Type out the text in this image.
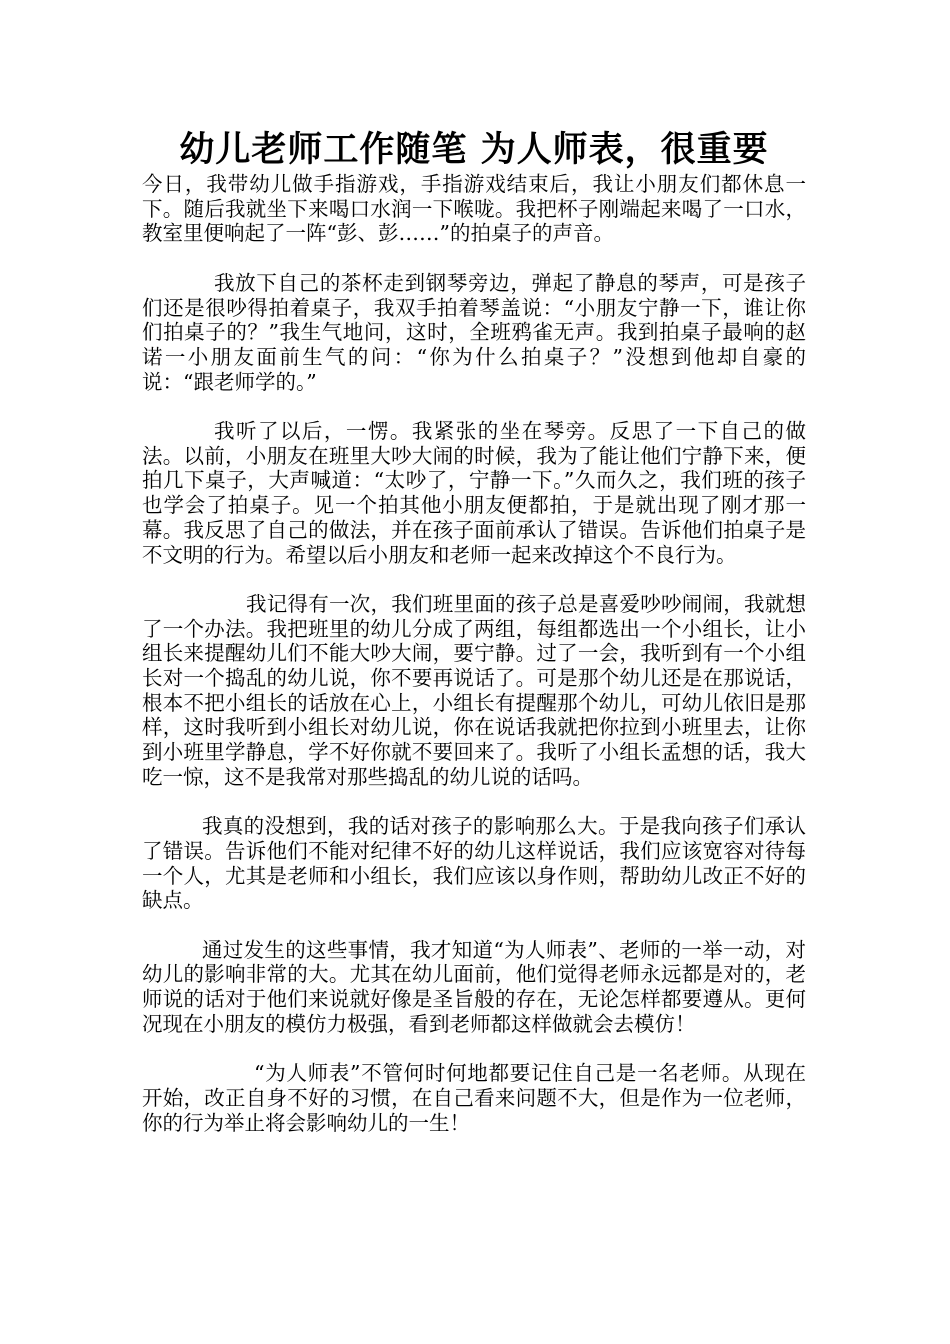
幼儿老师工作随笔 为人师表，很重要

今日，我带幼儿做手指游戏，手指游戏结束后，我让小朋友们都休息一下。随后我就坐下来喝口水润一下喉咙。我把杯子刚端起来喝了一口水，教室里便响起了一阵“彭、彭……”的拍桌子的声音。

我放下自己的茶杯走到钢琴旁边，弹起了静息的琴声，可是孩子们还是很吵得拍着桌子，我双手拍着琴盖说：“小朋友宁静一下，谁让你们拍桌子的？”我生气地问，这时，全班鸦雀无声。我到拍桌子最响的赵诺一小朋友面前生气的问：“你为什么拍桌子？”没想到他却自豪的说：“跟老师学的。”

我听了以后，一愣。我紧张的坐在琴旁。反思了一下自己的做法。以前，小朋友在班里大吵大闹的时候，我为了能让他们宁静下来，便拍几下桌子，大声喊道：“太吵了，宁静一下。”久而久之，我们班的孩子也学会了拍桌子。见一个拍其他小朋友便都拍，于是就出现了刚才那一幕。我反思了自己的做法，并在孩子面前承认了错误。告诉他们拍桌子是不文明的行为。希望以后小朋友和老师一起来改掉这个不良行为。

我记得有一次，我们班里面的孩子总是喜爱吵吵闹闹，我就想了一个办法。我把班里的幼儿分成了两组，每组都选出一个小组长，让小组长来提醒幼儿们不能大吵大闹，要宁静。过了一会，我听到有一个小组长对一个捣乱的幼儿说，你不要再说话了。可是那个幼儿还是在那说话，根本不把小组长的话放在心上，小组长有提醒那个幼儿，可幼儿依旧是那样，这时我听到小组长对幼儿说，你在说话我就把你拉到小班里去，让你到小班里学静息，学不好你就不要回来了。我听了小组长孟想的话，我大吃一惊，这不是我常对那些捣乱的幼儿说的话吗。

我真的没想到，我的话对孩子的影响那么大。于是我向孩子们承认了错误。告诉他们不能对纪律不好的幼儿这样说话，我们应该宽容对待每一个人，尤其是老师和小组长，我们应该以身作则，帮助幼儿改正不好的缺点。

通过发生的这些事情，我才知道“为人师表”、老师的一举一动，对幼儿的影响非常的大。尤其在幼儿面前，他们觉得老师永远都是对的，老师说的话对于他们来说就好像是圣旨般的存在，无论怎样都要遵从。更何况现在小朋友的模仿力极强，看到老师都这样做就会去模仿！

“为人师表”不管何时何地都要记住自己是一名老师。从现在开始，改正自身不好的习惯，在自己看来问题不大，但是作为一位老师，你的行为举止将会影响幼儿的一生！
